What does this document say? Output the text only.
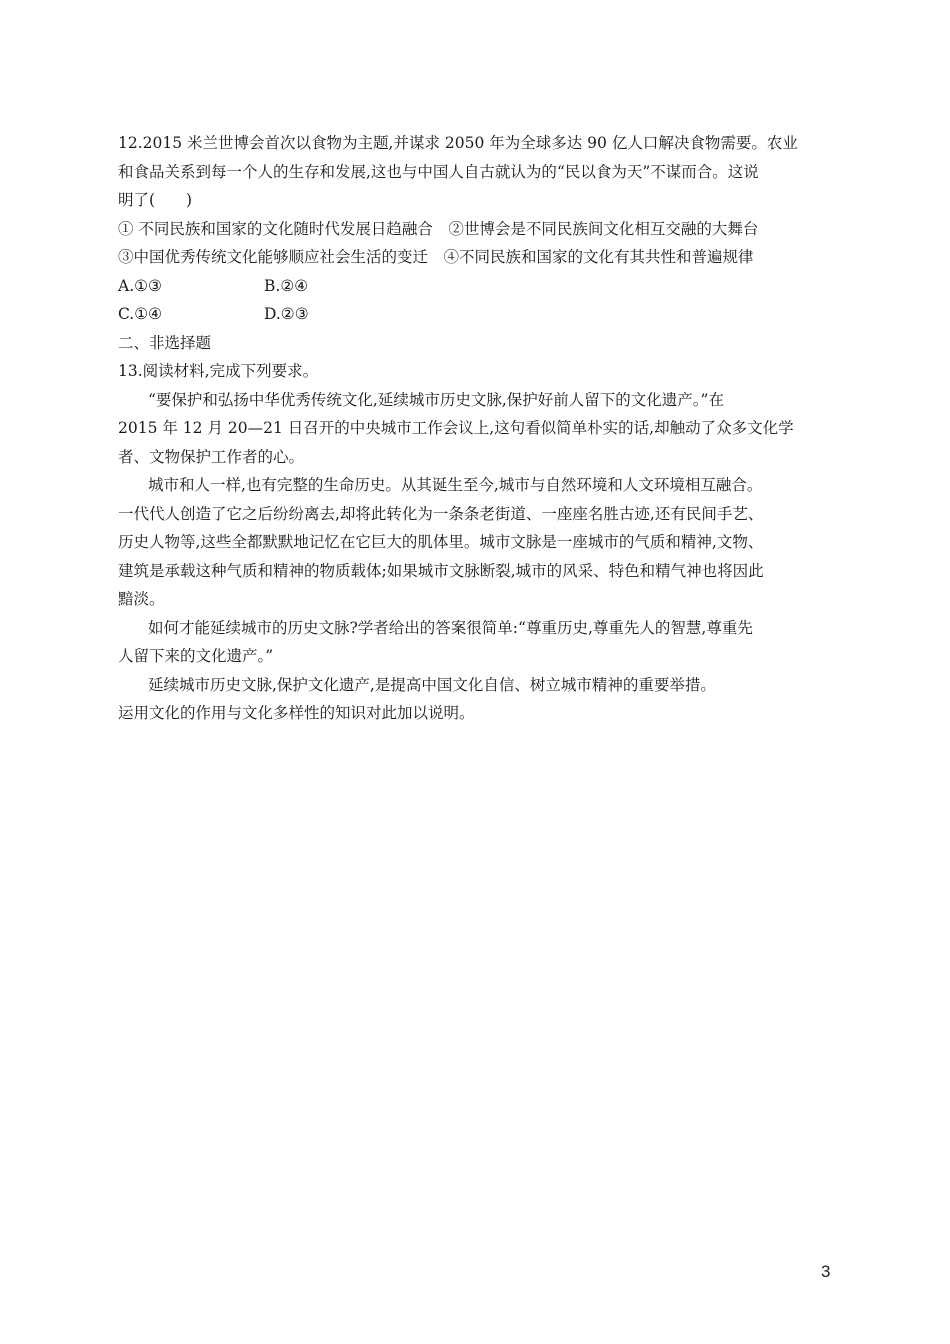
12.2015 米兰世博会首次以食物为主题,并谋求 2050 年为全球多达 90 亿人口解决食物需要。农业
和食品关系到每一个人的生存和发展,这也与中国人自古就认为的“民以食为天”不谋而合。这说
明了(　　)
① 不同民族和国家的文化随时代发展日趋融合　②世博会是不同民族间文化相互交融的大舞台
③中国优秀传统文化能够顺应社会生活的变迁　④不同民族和国家的文化有其共性和普遍规律
A.①③	B.②④
C.①④	D.②③
二、非选择题
13.阅读材料,完成下列要求。
“要保护和弘扬中华优秀传统文化,延续城市历史文脉,保护好前人留下的文化遗产。”在
2015 年 12 月 20—21 日召开的中央城市工作会议上,这句看似简单朴实的话,却触动了众多文化学
者、文物保护工作者的心。
城市和人一样,也有完整的生命历史。从其诞生至今,城市与自然环境和人文环境相互融合。
一代代人创造了它之后纷纷离去,却将此转化为一条条老街道、一座座名胜古迹,还有民间手艺、
历史人物等,这些全都默默地记忆在它巨大的肌体里。城市文脉是一座城市的气质和精神,文物、
建筑是承载这种气质和精神的物质载体;如果城市文脉断裂,城市的风采、特色和精气神也将因此
黯淡。
如何才能延续城市的历史文脉?学者给出的答案很简单:“尊重历史,尊重先人的智慧,尊重先
人留下来的文化遗产。”
延续城市历史文脉,保护文化遗产,是提高中国文化自信、树立城市精神的重要举措。
运用文化的作用与文化多样性的知识对此加以说明。
3
